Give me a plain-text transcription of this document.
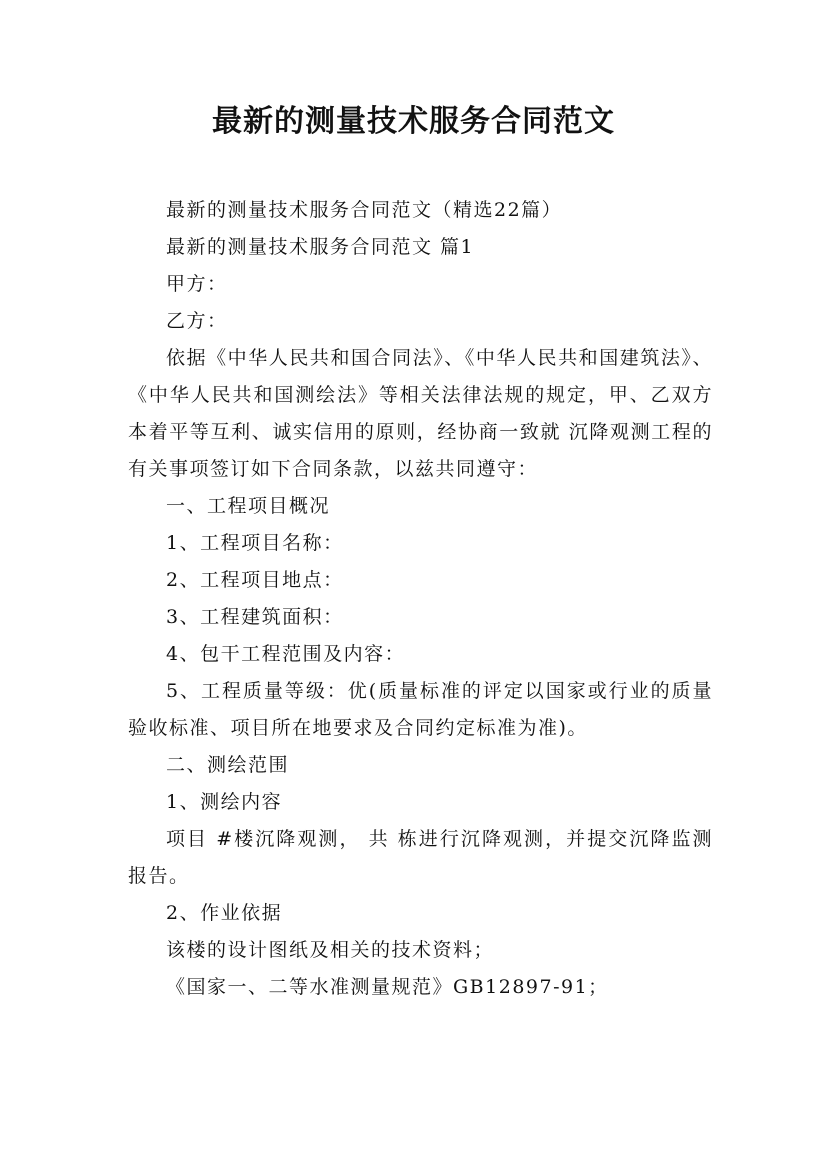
最新的测量技术服务合同范文

最新的测量技术服务合同范文（精选22篇）

最新的测量技术服务合同范文 篇1

甲方：

乙方：

依据《中华人民共和国合同法》、《中华人民共和国建筑法》、《中华人民共和国测绘法》等相关法律法规的规定，甲、乙双方本着平等互利、诚实信用的原则，经协商一致就 沉降观测工程的有关事项签订如下合同条款，以兹共同遵守：

一、工程项目概况

1、工程项目名称：

2、工程项目地点：

3、工程建筑面积：

4、包干工程范围及内容：

5、工程质量等级：优(质量标准的评定以国家或行业的质量验收标准、项目所在地要求及合同约定标准为准)。

二、测绘范围

1、测绘内容

项目 #楼沉降观测， 共 栋进行沉降观测，并提交沉降监测报告。

2、作业依据

该楼的设计图纸及相关的技术资料；

《国家一、二等水准测量规范》GB12897-91；
